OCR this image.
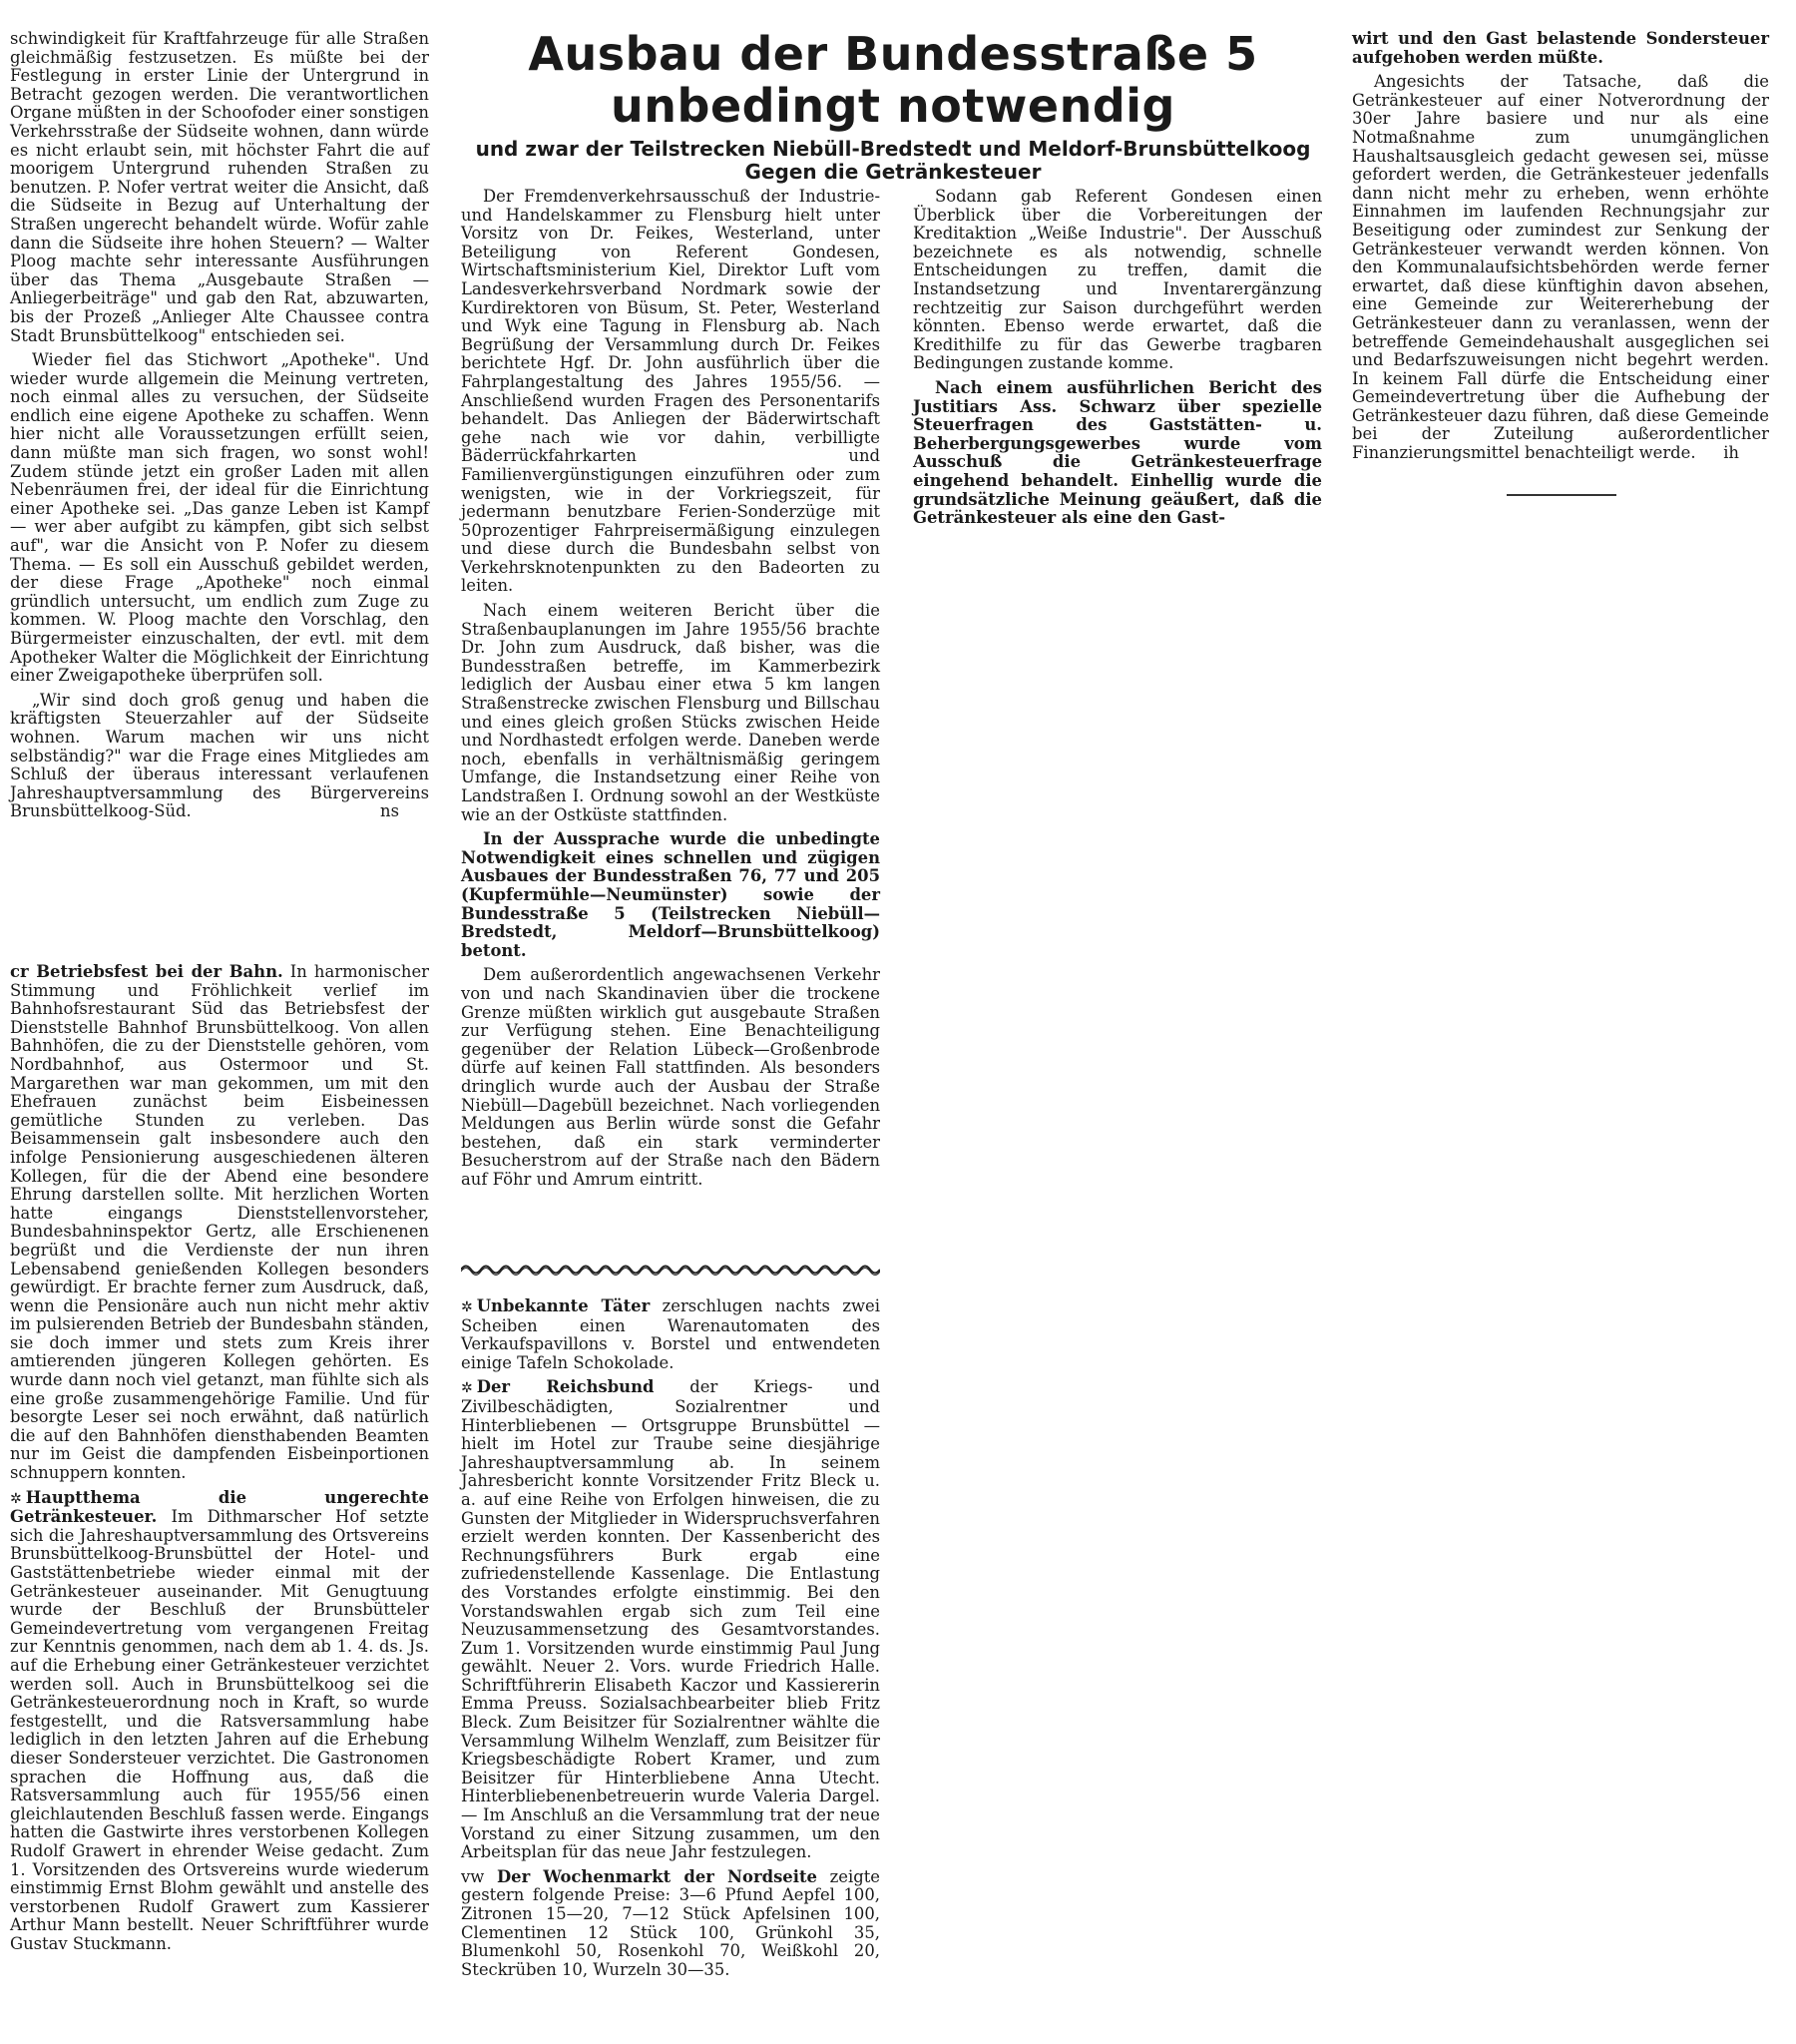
Ausbau der Bundesstraße 5
unbedingt notwendig
und zwar der Teilstrecken Niebüll-Bredstedt und Meldorf-Brunsbüttelkoog
Gegen die Getränkesteuer

schwindigkeit für Kraftfahrzeuge für alle Straßen gleichmäßig festzusetzen. Es müßte bei der Festlegung in erster Linie der Untergrund in Betracht gezogen werden. Die verantwortlichen Organe müßten in der Schoofoder einer sonstigen Verkehrsstraße der Südseite wohnen, dann würde es nicht erlaubt sein, mit höchster Fahrt die auf moorigem Untergrund ruhenden Straßen zu benutzen. P. Nofer vertrat weiter die Ansicht, daß die Südseite in Bezug auf Unterhaltung der Straßen ungerecht behandelt würde. Wofür zahle dann die Südseite ihre hohen Steuern? — Walter Ploog machte sehr interessante Ausführungen über das Thema „Ausgebaute Straßen — Anliegerbeiträge" und gab den Rat, abzuwarten, bis der Prozeß „Anlieger Alte Chaussee contra Stadt Brunsbüttelkoog" entschieden sei.

Wieder fiel das Stichwort „Apotheke". Und wieder wurde allgemein die Meinung vertreten, noch einmal alles zu versuchen, der Südseite endlich eine eigene Apotheke zu schaffen. Wenn hier nicht alle Voraussetzungen erfüllt seien, dann müßte man sich fragen, wo sonst wohl! Zudem stünde jetzt ein großer Laden mit allen Nebenräumen frei, der ideal für die Einrichtung einer Apotheke sei. „Das ganze Leben ist Kampf — wer aber aufgibt zu kämpfen, gibt sich selbst auf", war die Ansicht von P. Nofer zu diesem Thema. — Es soll ein Ausschuß gebildet werden, der diese Frage „Apotheke" noch einmal gründlich untersucht, um endlich zum Zuge zu kommen. W. Ploog machte den Vorschlag, den Bürgermeister einzuschalten, der evtl. mit dem Apotheker Walter die Möglichkeit der Einrichtung einer Zweigapotheke überprüfen soll.

„Wir sind doch groß genug und haben die kräftigsten Steuerzahler auf der Südseite wohnen. Warum machen wir uns nicht selbständig?" war die Frage eines Mitgliedes am Schluß der überaus interessant verlaufenen Jahreshauptversammlung des Bürgervereins Brunsbüttelkoog-Süd.	ns

cr Betriebsfest bei der Bahn. In harmonischer Stimmung und Fröhlichkeit verlief im Bahnhofsrestaurant Süd das Betriebsfest der Dienststelle Bahnhof Brunsbüttelkoog. Von allen Bahnhöfen, die zu der Dienststelle gehören, vom Nordbahnhof, aus Ostermoor und St. Margarethen war man gekommen, um mit den Ehefrauen zunächst beim Eisbeinessen gemütliche Stunden zu verleben. Das Beisammensein galt insbesondere auch den infolge Pensionierung ausgeschiedenen älteren Kollegen, für die der Abend eine besondere Ehrung darstellen sollte. Mit herzlichen Worten hatte eingangs Dienststellenvorsteher, Bundesbahninspektor Gertz, alle Erschienenen begrüßt und die Verdienste der nun ihren Lebensabend genießenden Kollegen besonders gewürdigt. Er brachte ferner zum Ausdruck, daß, wenn die Pensionäre auch nun nicht mehr aktiv im pulsierenden Betrieb der Bundesbahn ständen, sie doch immer und stets zum Kreis ihrer amtierenden jüngeren Kollegen gehörten. Es wurde dann noch viel getanzt, man fühlte sich als eine große zusammengehörige Familie. Und für besorgte Leser sei noch erwähnt, daß natürlich die auf den Bahnhöfen diensthabenden Beamten nur im Geist die dampfenden Eisbeinportionen schnuppern konnten.

✲ Hauptthema die ungerechte Getränkesteuer. Im Dithmarscher Hof setzte sich die Jahreshauptversammlung des Ortsvereins Brunsbüttelkoog-Brunsbüttel der Hotel- und Gaststättenbetriebe wieder einmal mit der Getränkesteuer auseinander. Mit Genugtuung wurde der Beschluß der Brunsbütteler Gemeindevertretung vom vergangenen Freitag zur Kenntnis genommen, nach dem ab 1. 4. ds. Js. auf die Erhebung einer Getränkesteuer verzichtet werden soll. Auch in Brunsbüttelkoog sei die Getränkesteuerordnung noch in Kraft, so wurde festgestellt, und die Ratsversammlung habe lediglich in den letzten Jahren auf die Erhebung dieser Sondersteuer verzichtet. Die Gastronomen sprachen die Hoffnung aus, daß die Ratsversammlung auch für 1955/56 einen gleichlautenden Beschluß fassen werde. Eingangs hatten die Gastwirte ihres verstorbenen Kollegen Rudolf Grawert in ehrender Weise gedacht. Zum 1. Vorsitzenden des Ortsvereins wurde wiederum einstimmig Ernst Blohm gewählt und anstelle des verstorbenen Rudolf Grawert zum Kassierer Arthur Mann bestellt. Neuer Schriftführer wurde Gustav Stuckmann.

Der Fremdenverkehrsausschuß der Industrie- und Handelskammer zu Flensburg hielt unter Vorsitz von Dr. Feikes, Westerland, unter Beteiligung von Referent Gondesen, Wirtschaftsministerium Kiel, Direktor Luft vom Landesverkehrsverband Nordmark sowie der Kurdirektoren von Büsum, St. Peter, Westerland und Wyk eine Tagung in Flensburg ab. Nach Begrüßung der Versammlung durch Dr. Feikes berichtete Hgf. Dr. John ausführlich über die Fahrplangestaltung des Jahres 1955/56. — Anschließend wurden Fragen des Personentarifs behandelt. Das Anliegen der Bäderwirtschaft gehe nach wie vor dahin, verbilligte Bäderrückfahrkarten und Familienvergünstigungen einzuführen oder zum wenigsten, wie in der Vorkriegszeit, für jedermann benutzbare Ferien-Sonderzüge mit 50prozentiger Fahrpreisermäßigung einzulegen und diese durch die Bundesbahn selbst von Verkehrsknotenpunkten zu den Badeorten zu leiten.

Nach einem weiteren Bericht über die Straßenbauplanungen im Jahre 1955/56 brachte Dr. John zum Ausdruck, daß bisher, was die Bundesstraßen betreffe, im Kammerbezirk lediglich der Ausbau einer etwa 5 km langen Straßenstrecke zwischen Flensburg und Billschau und eines gleich großen Stücks zwischen Heide und Nordhastedt erfolgen werde. Daneben werde noch, ebenfalls in verhältnismäßig geringem Umfange, die Instandsetzung einer Reihe von Landstraßen I. Ordnung sowohl an der Westküste wie an der Ostküste stattfinden.

In der Aussprache wurde die unbedingte Notwendigkeit eines schnellen und zügigen Ausbaues der Bundesstraßen 76, 77 und 205 (Kupfermühle—Neumünster) sowie der Bundesstraße 5 (Teilstrecken Niebüll—Bredstedt, Meldorf—Brunsbüttelkoog) betont.

Dem außerordentlich angewachsenen Verkehr von und nach Skandinavien über die trockene Grenze müßten wirklich gut ausgebaute Straßen zur Verfügung stehen. Eine Benachteiligung gegenüber der Relation Lübeck—Großenbrode dürfe auf keinen Fall stattfinden. Als besonders dringlich wurde auch der Ausbau der Straße Niebüll—Dagebüll bezeichnet. Nach vorliegenden Meldungen aus Berlin würde sonst die Gefahr bestehen, daß ein stark verminderter Besucherstrom auf der Straße nach den Bädern auf Föhr und Amrum eintritt.

✲ Unbekannte Täter zerschlugen nachts zwei Scheiben einen Warenautomaten des Verkaufspavillons v. Borstel und entwendeten einige Tafeln Schokolade.

✲ Der Reichsbund der Kriegs- und Zivilbeschädigten, Sozialrentner und Hinterbliebenen — Ortsgruppe Brunsbüttel — hielt im Hotel zur Traube seine diesjährige Jahreshauptversammlung ab. In seinem Jahresbericht konnte Vorsitzender Fritz Bleck u. a. auf eine Reihe von Erfolgen hinweisen, die zu Gunsten der Mitglieder in Widerspruchsverfahren erzielt werden konnten. Der Kassenbericht des Rechnungsführers Burk ergab eine zufriedenstellende Kassenlage. Die Entlastung des Vorstandes erfolgte einstimmig. Bei den Vorstandswahlen ergab sich zum Teil eine Neuzusammensetzung des Gesamtvorstandes. Zum 1. Vorsitzenden wurde einstimmig Paul Jung gewählt. Neuer 2. Vors. wurde Friedrich Halle. Schriftführerin Elisabeth Kaczor und Kassiererin Emma Preuss. Sozialsachbearbeiter blieb Fritz Bleck. Zum Beisitzer für Sozialrentner wählte die Versammlung Wilhelm Wenzlaff, zum Beisitzer für Kriegsbeschädigte Robert Kramer, und zum Beisitzer für Hinterbliebene Anna Utecht. Hinterbliebenenbetreuerin wurde Valeria Dargel. — Im Anschluß an die Versammlung trat der neue Vorstand zu einer Sitzung zusammen, um den Arbeitsplan für das neue Jahr festzulegen.

vw Der Wochenmarkt der Nordseite zeigte gestern folgende Preise: 3—6 Pfund Aepfel 100, Zitronen 15—20, 7—12 Stück Apfelsinen 100, Clementinen 12 Stück 100, Grünkohl 35, Blumenkohl 50, Rosenkohl 70, Weißkohl 20, Steckrüben 10, Wurzeln 30—35.

Sodann gab Referent Gondesen einen Überblick über die Vorbereitungen der Kreditaktion „Weiße Industrie". Der Ausschuß bezeichnete es als notwendig, schnelle Entscheidungen zu treffen, damit die Instandsetzung und Inventarergänzung rechtzeitig zur Saison durchgeführt werden könnten. Ebenso werde erwartet, daß die Kredithilfe zu für das Gewerbe tragbaren Bedingungen zustande komme.

Nach einem ausführlichen Bericht des Justitiars Ass. Schwarz über spezielle Steuerfragen des Gaststätten- u. Beherbergungsgewerbes wurde vom Ausschuß die Getränkesteuerfrage eingehend behandelt. Einhellig wurde die grundsätzliche Meinung geäußert, daß die Getränkesteuer als eine den Gast-

wirt und den Gast belastende Sondersteuer aufgehoben werden müßte.

Angesichts der Tatsache, daß die Getränkesteuer auf einer Notverordnung der 30er Jahre basiere und nur als eine Notmaßnahme zum unumgänglichen Haushaltsausgleich gedacht gewesen sei, müsse gefordert werden, die Getränkesteuer jedenfalls dann nicht mehr zu erheben, wenn erhöhte Einnahmen im laufenden Rechnungsjahr zur Beseitigung oder zumindest zur Senkung der Getränkesteuer verwandt werden können. Von den Kommunalaufsichtsbehörden werde ferner erwartet, daß diese künftighin davon absehen, eine Gemeinde zur Weitererhebung der Getränkesteuer dann zu veranlassen, wenn der betreffende Gemeindehaushalt ausgeglichen sei und Bedarfszuweisungen nicht begehrt werden. In keinem Fall dürfe die Entscheidung einer Gemeindevertretung über die Aufhebung der Getränkesteuer dazu führen, daß diese Gemeinde bei der Zuteilung außerordentlicher Finanzierungsmittel benachteiligt werde.	ih
